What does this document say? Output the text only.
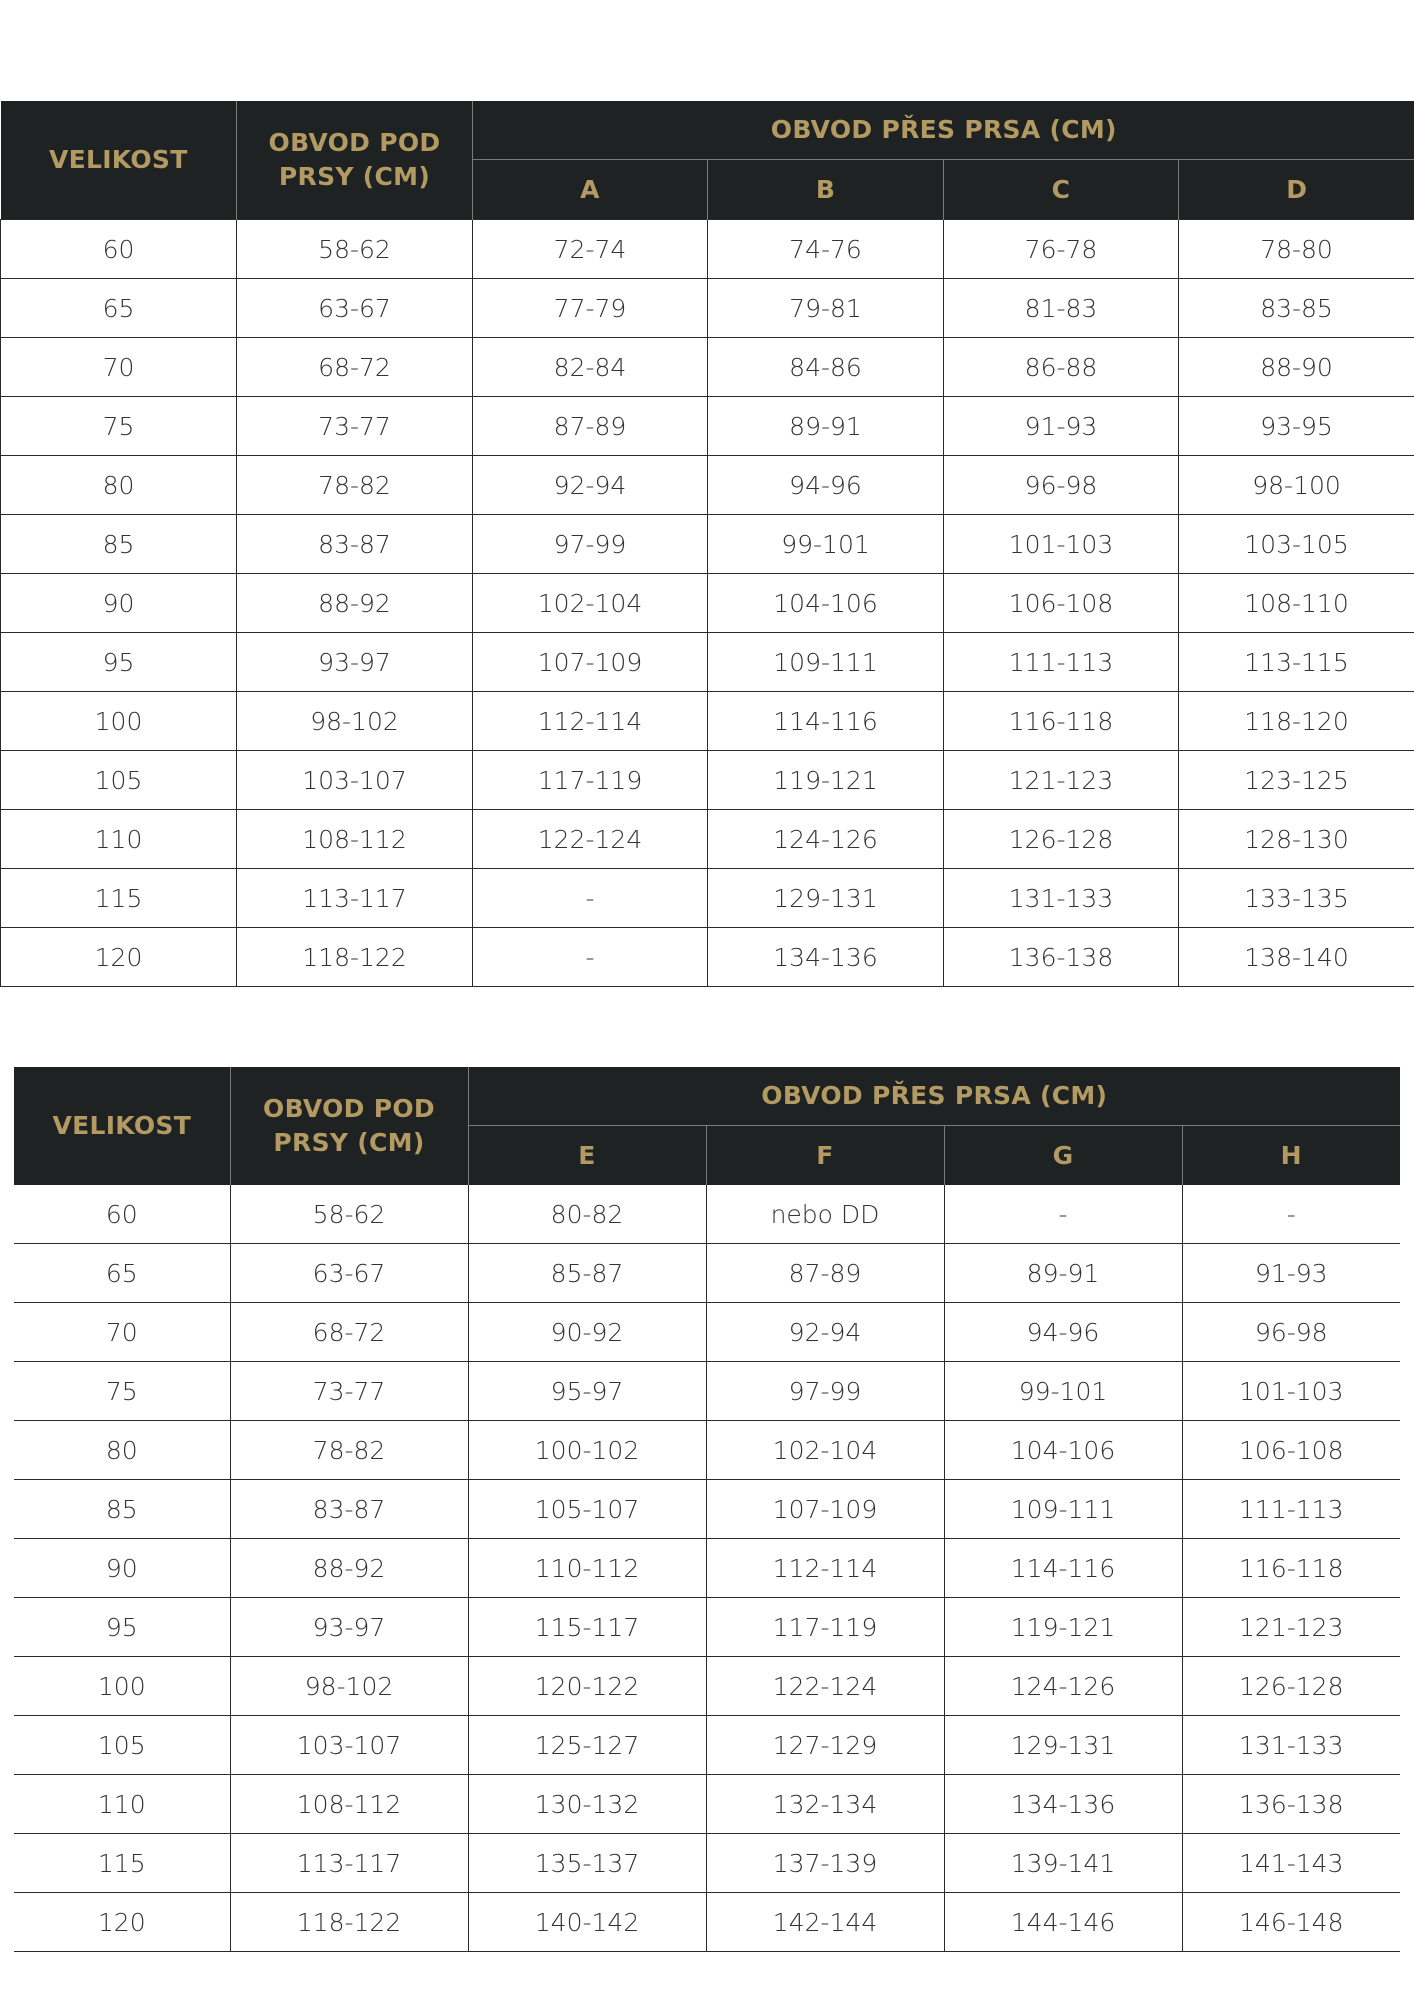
VELIKOST	OBVOD POD PRSY (CM)	OBVOD PŘES PRSA (CM)			
		A	B	C	D
60	58-62	72-74	74-76	76-78	78-80
65	63-67	77-79	79-81	81-83	83-85
70	68-72	82-84	84-86	86-88	88-90
75	73-77	87-89	89-91	91-93	93-95
80	78-82	92-94	94-96	96-98	98-100
85	83-87	97-99	99-101	101-103	103-105
90	88-92	102-104	104-106	106-108	108-110
95	93-97	107-109	109-111	111-113	113-115
100	98-102	112-114	114-116	116-118	118-120
105	103-107	117-119	119-121	121-123	123-125
110	108-112	122-124	124-126	126-128	128-130
115	113-117	-	129-131	131-133	133-135
120	118-122	-	134-136	136-138	138-140
VELIKOST	OBVOD POD PRSY (CM)	OBVOD PŘES PRSA (CM)			
		E	F	G	H
60	58-62	80-82	nebo DD	-	-
65	63-67	85-87	87-89	89-91	91-93
70	68-72	90-92	92-94	94-96	96-98
75	73-77	95-97	97-99	99-101	101-103
80	78-82	100-102	102-104	104-106	106-108
85	83-87	105-107	107-109	109-111	111-113
90	88-92	110-112	112-114	114-116	116-118
95	93-97	115-117	117-119	119-121	121-123
100	98-102	120-122	122-124	124-126	126-128
105	103-107	125-127	127-129	129-131	131-133
110	108-112	130-132	132-134	134-136	136-138
115	113-117	135-137	137-139	139-141	141-143
120	118-122	140-142	142-144	144-146	146-148
